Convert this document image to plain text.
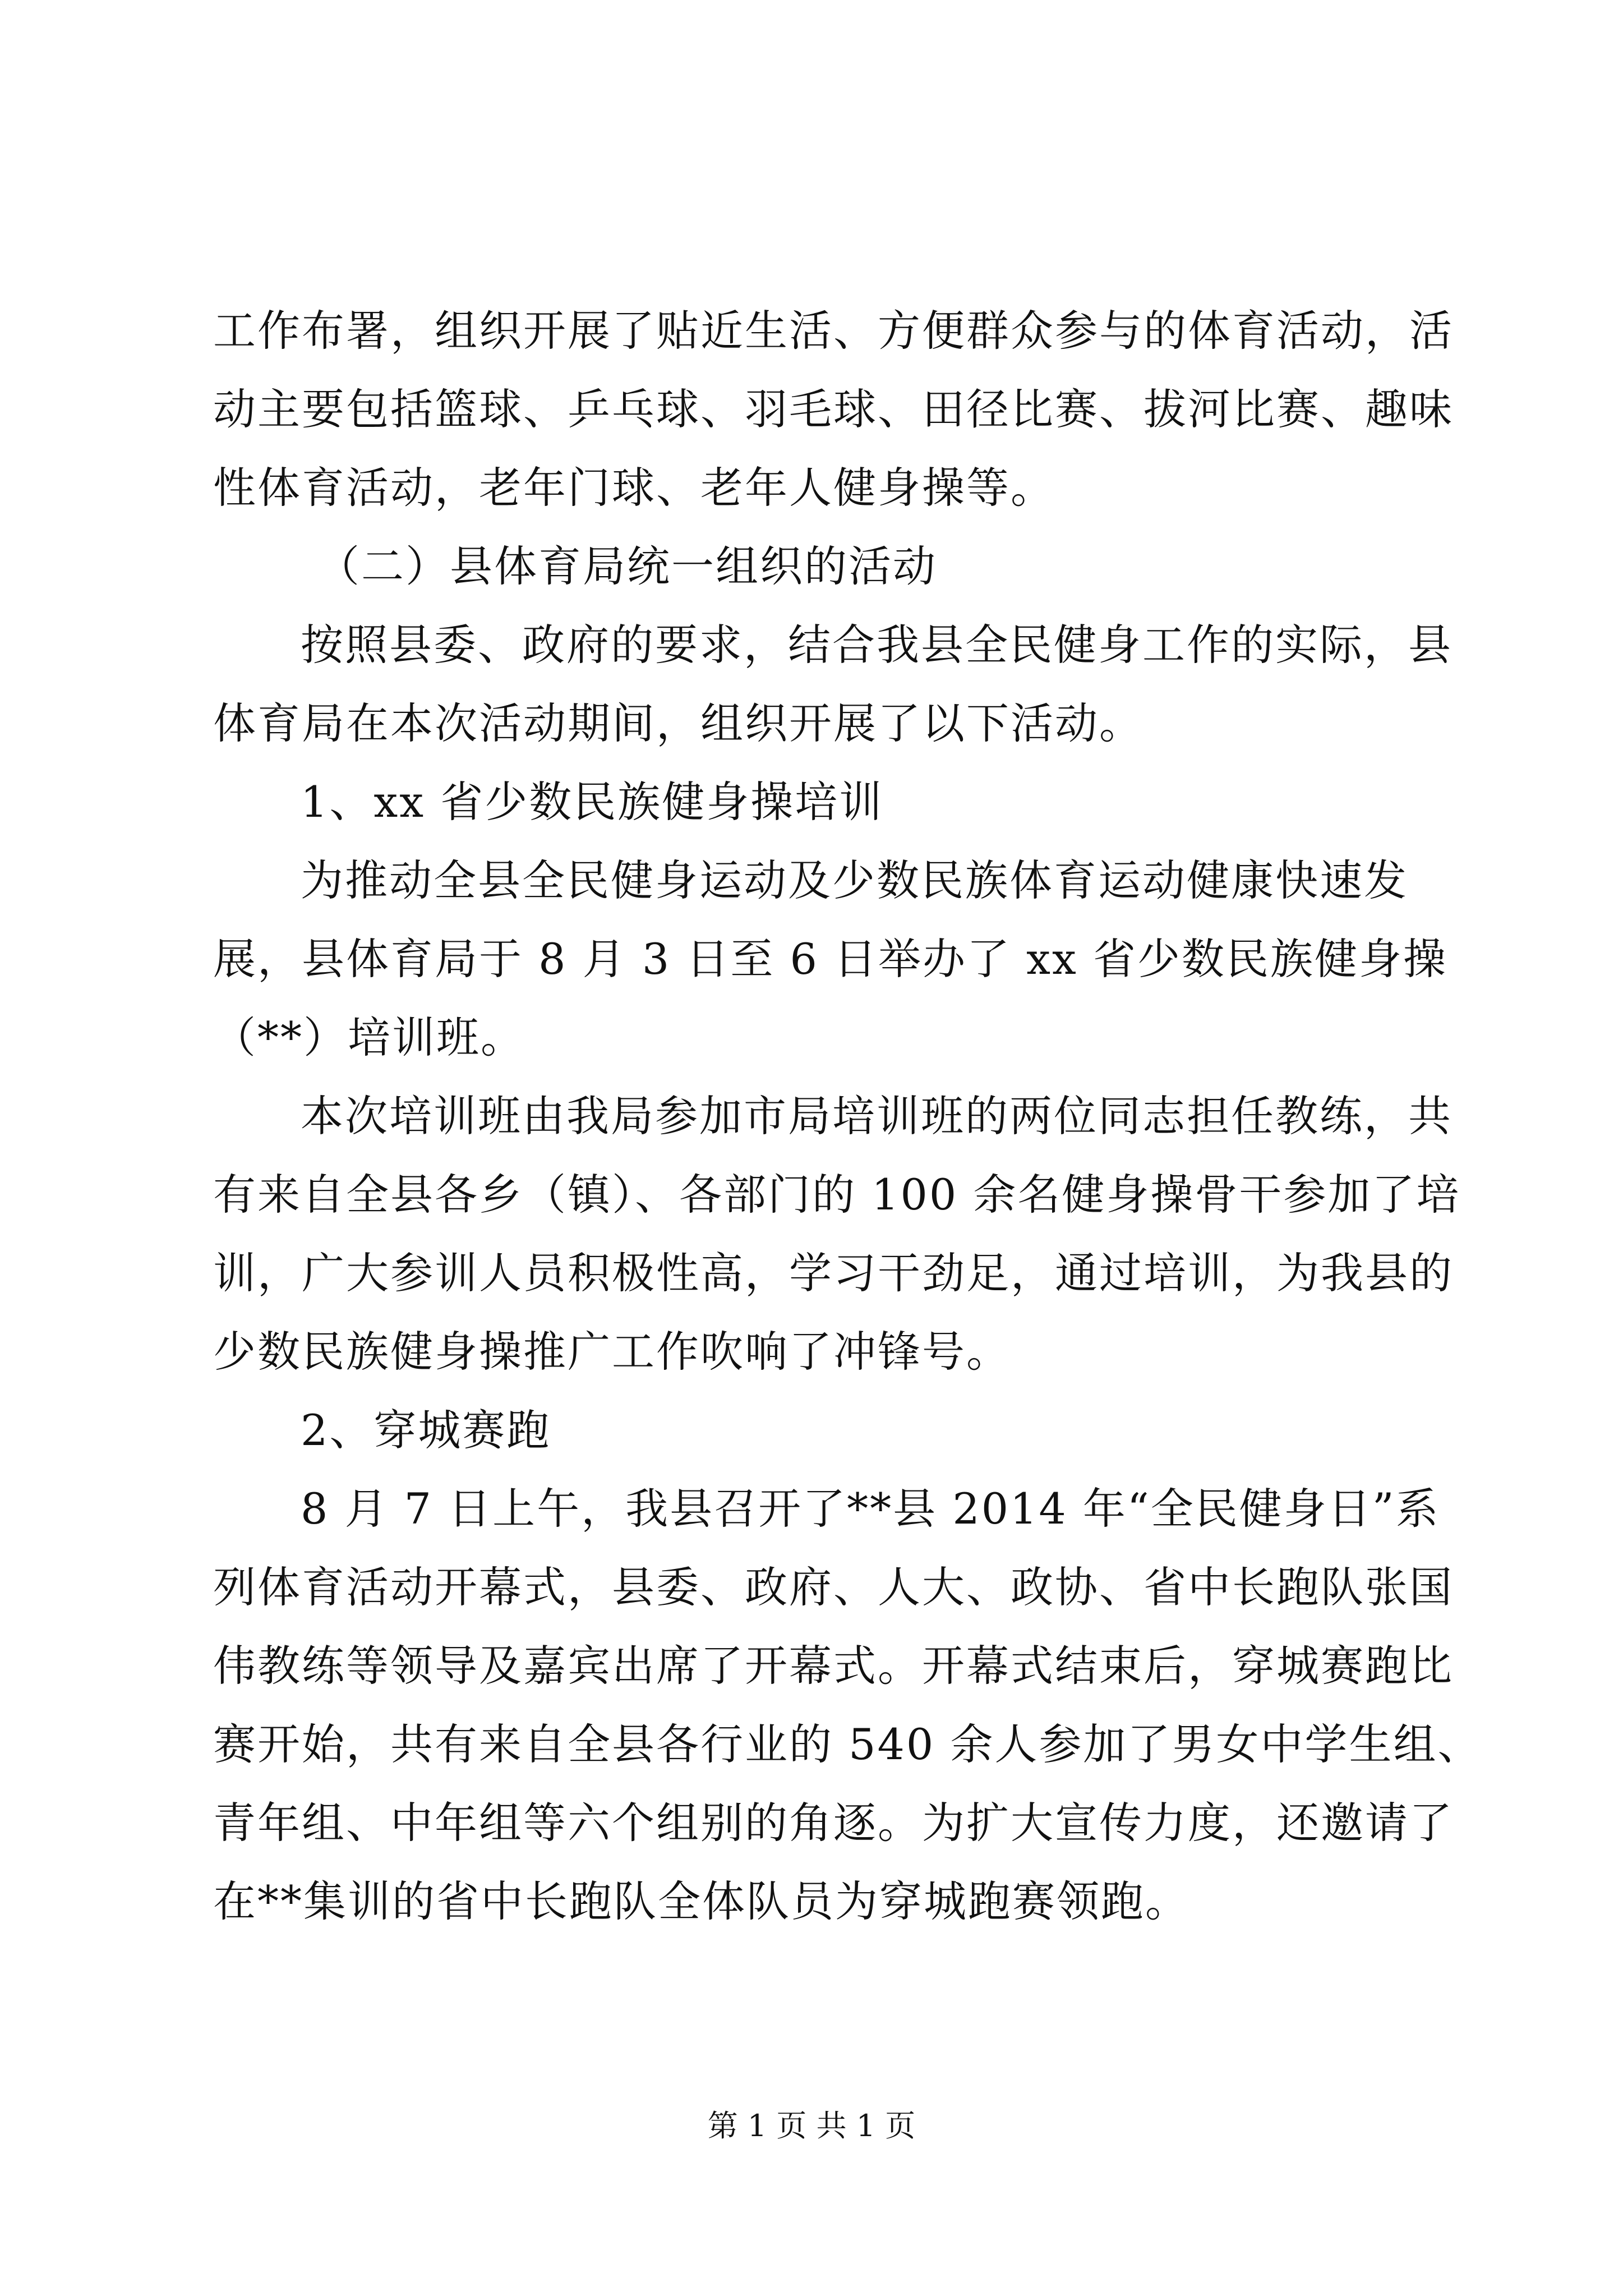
工作布署，组织开展了贴近生活、方便群众参与的体育活动，活
动主要包括篮球、乒乓球、羽毛球、田径比赛、拔河比赛、趣味
性体育活动，老年门球、老年人健身操等。
（二）县体育局统一组织的活动
按照县委、政府的要求，结合我县全民健身工作的实际，县
体育局在本次活动期间，组织开展了以下活动。
1、xx 省少数民族健身操培训
为推动全县全民健身运动及少数民族体育运动健康快速发
展，县体育局于 8 月 3 日至 6 日举办了 xx 省少数民族健身操
（**）培训班。
本次培训班由我局参加市局培训班的两位同志担任教练，共
有来自全县各乡（镇）、各部门的 100 余名健身操骨干参加了培
训，广大参训人员积极性高，学习干劲足，通过培训，为我县的
少数民族健身操推广工作吹响了冲锋号。
2、穿城赛跑
8 月 7 日上午，我县召开了**县 2014 年“全民健身日”系
列体育活动开幕式，县委、政府、人大、政协、省中长跑队张国
伟教练等领导及嘉宾出席了开幕式。开幕式结束后，穿城赛跑比
赛开始，共有来自全县各行业的 540 余人参加了男女中学生组、
青年组、中年组等六个组别的角逐。为扩大宣传力度，还邀请了
在**集训的省中长跑队全体队员为穿城跑赛领跑。
第 1 页 共 1 页
